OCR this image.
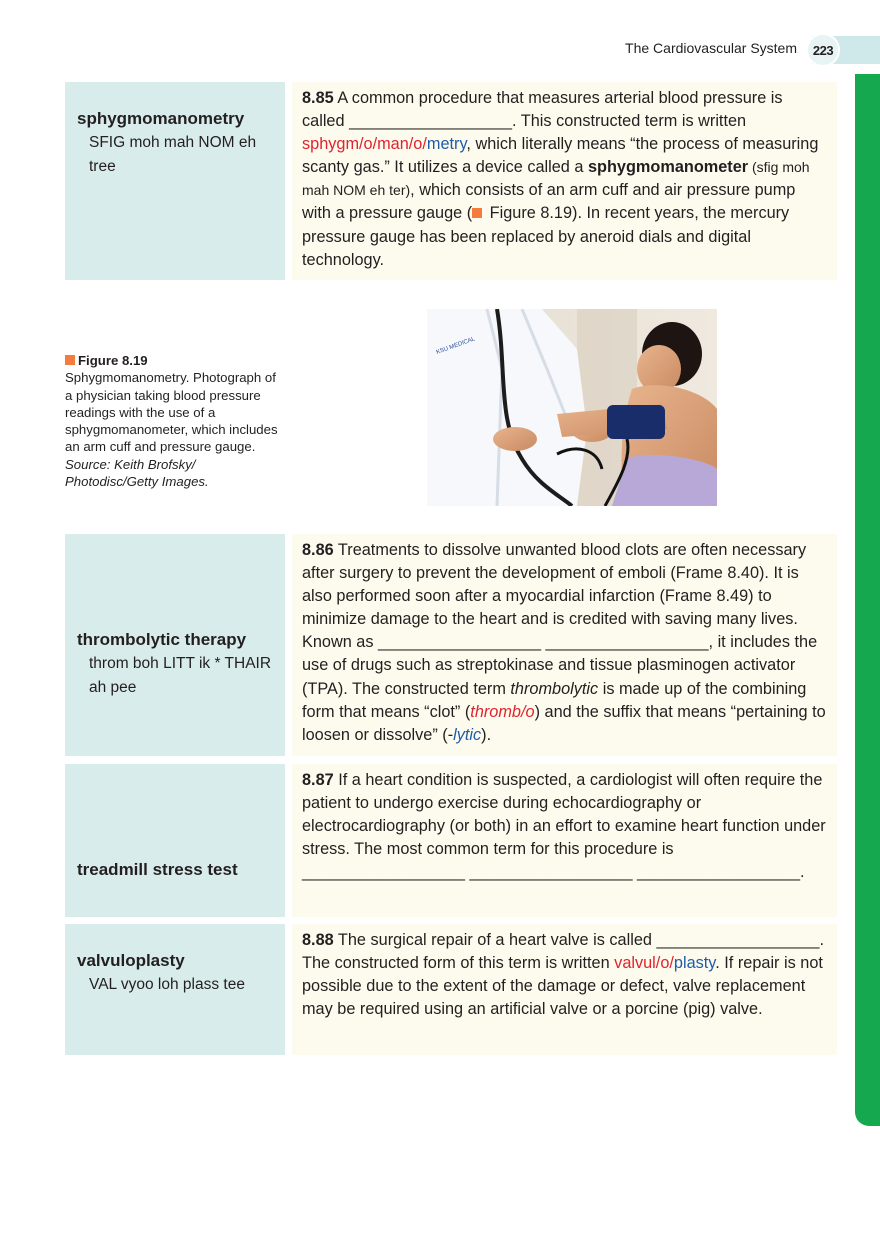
The Cardiovascular System	223
sphygmomanometry
SFIG moh mah NOM eh tree
8.85 A common procedure that measures arterial blood pressure is called __________________. This constructed term is written sphygm/o/man/o/metry, which literally means “the process of measuring scanty gas.” It utilizes a device called a sphygmomanometer (sfig moh mah NOM eh ter), which consists of an arm cuff and air pressure pump with a pressure gauge ( Figure 8.19). In recent years, the mercury pressure gauge has been replaced by aneroid dials and digital technology.
Figure 8.19
Sphygmomanometry. Photograph of a physician taking blood pressure readings with the use of a sphygmomanometer, which includes an arm cuff and pressure gauge.
Source: Keith Brofsky/ Photodisc/Getty Images.
KSU MEDICAL
thrombolytic therapy
throm boh LITT ik * THAIR ah pee
8.86 Treatments to dissolve unwanted blood clots are often necessary after surgery to prevent the development of emboli (Frame 8.40). It is also performed soon after a myocardial infarction (Frame 8.49) to minimize damage to the heart and is credited with saving many lives. Known as __________________ __________________, it includes the use of drugs such as streptokinase and tissue plasminogen activator (TPA). The constructed term thrombolytic is made up of the combining form that means “clot” (thromb/o) and the suffix that means “pertaining to loosen or dissolve” (-lytic).
treadmill stress test
8.87 If a heart condition is suspected, a cardiologist will often require the patient to undergo exercise during echocardiography or electrocardiography (or both) in an effort to examine heart function under stress. The most common term for this procedure is __________________ __________________ __________________.
valvuloplasty
VAL vyoo loh plass tee
8.88 The surgical repair of a heart valve is called __________________. The constructed form of this term is written valvul/o/plasty. If repair is not possible due to the extent of the damage or defect, valve replacement may be required using an artificial valve or a porcine (pig) valve.
